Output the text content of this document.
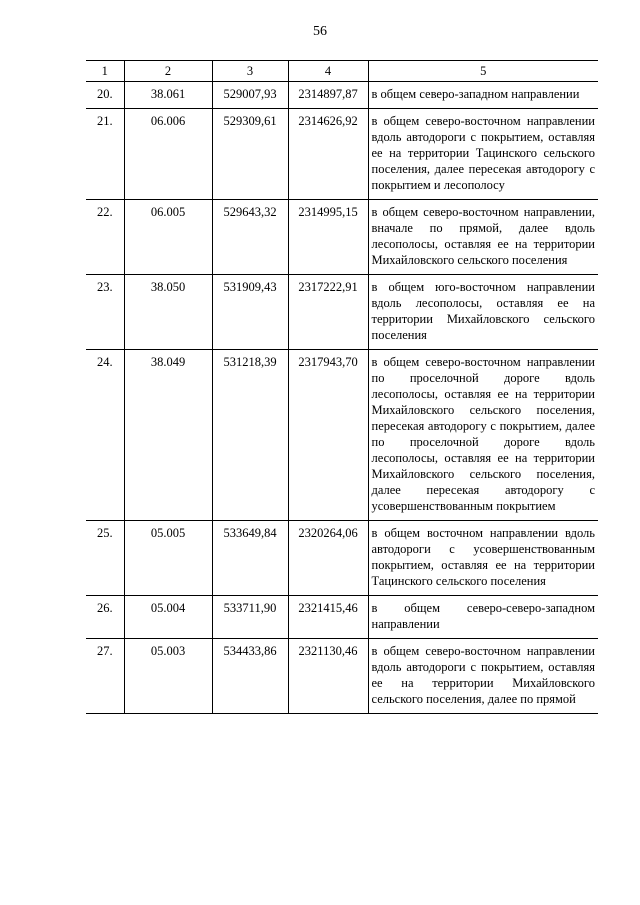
56
1	2	3	4	5
20.	38.061	529007,93	2314897,87	в общем северо-западном направлении
21.	06.006	529309,61	2314626,92	в общем северо-восточном направлении вдоль автодороги с покрытием, оставляя ее на территории Тацинского сельского поселения, далее пересекая автодорогу с покрытием и лесополосу
22.	06.005	529643,32	2314995,15	в общем северо-восточном направлении, вначале по прямой, далее вдоль лесополосы, оставляя ее на территории Михайловского сельского поселения
23.	38.050	531909,43	2317222,91	в общем юго-восточном направлении вдоль лесополосы, оставляя ее на территории Михайловского сельского поселения
24.	38.049	531218,39	2317943,70	в общем северо-восточном направлении по проселочной дороге вдоль лесополосы, оставляя ее на территории Михайловского сельского поселения, пересекая автодорогу с покрытием, далее по проселочной дороге вдоль лесополосы, оставляя ее на территории Михайловского сельского поселения, далее пересекая автодорогу с усовершенствованным покрытием
25.	05.005	533649,84	2320264,06	в общем восточном направлении вдоль автодороги с усовершенствованным покрытием, оставляя ее на территории Тацинского сельского поселения
26.	05.004	533711,90	2321415,46	в общем северо-северо-западном направлении
27.	05.003	534433,86	2321130,46	в общем северо-восточном направлении вдоль автодороги с покрытием, оставляя ее на территории Михайловского сельского поселения, далее по прямой
